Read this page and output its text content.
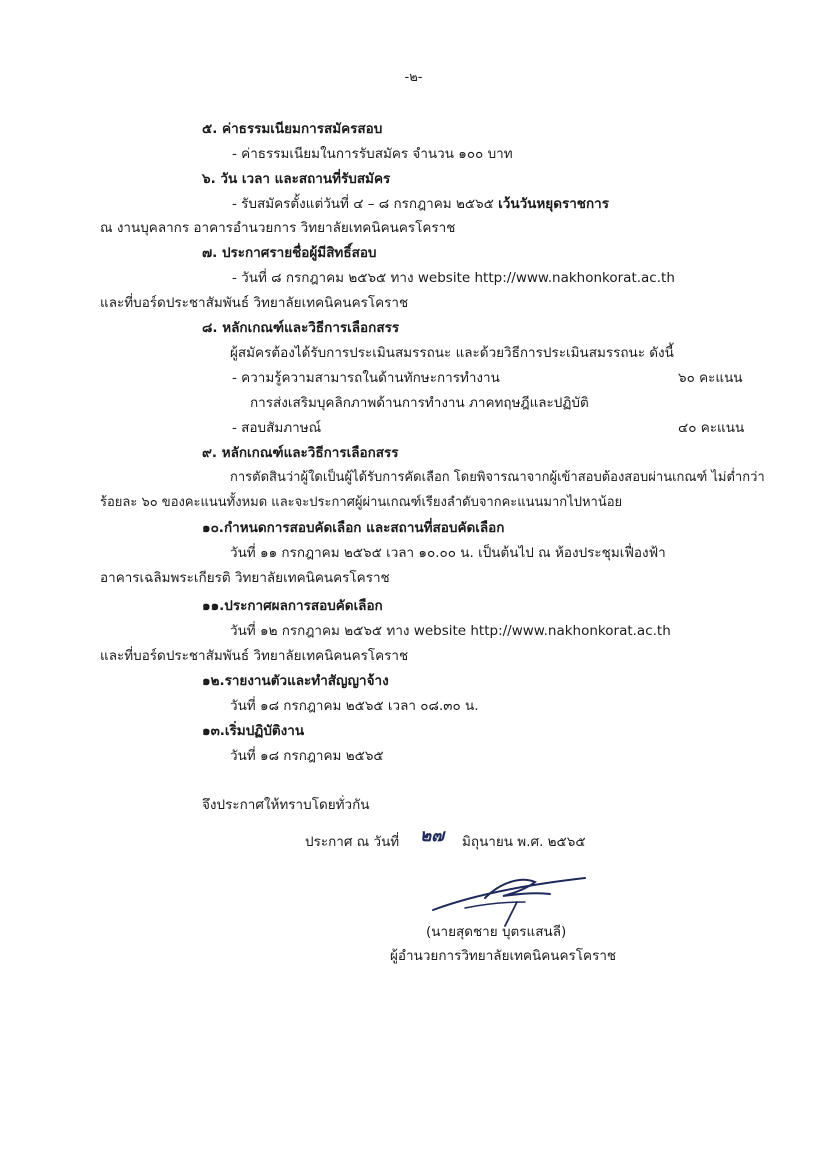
-๒-
๕. ค่าธรรมเนียมการสมัครสอบ
- ค่าธรรมเนียมในการรับสมัคร จำนวน ๑๐๐ บาท
๖. วัน เวลา และสถานที่รับสมัคร
- รับสมัครตั้งแต่วันที่ ๔ – ๘ กรกฎาคม ๒๕๖๕ เว้นวันหยุดราชการ
ณ งานบุคลากร อาคารอำนวยการ วิทยาลัยเทคนิคนครโคราช
๗. ประกาศรายชื่อผู้มีสิทธิ์สอบ
- วันที่ ๘ กรกฎาคม ๒๕๖๕ ทาง website http://www.nakhonkorat.ac.th
และที่บอร์ดประชาสัมพันธ์ วิทยาลัยเทคนิคนครโคราช
๘. หลักเกณฑ์และวิธีการเลือกสรร
ผู้สมัครต้องได้รับการประเมินสมรรถนะ และด้วยวิธีการประเมินสมรรถนะ ดังนี้
- ความรู้ความสามารถในด้านทักษะการทำงาน	๖๐ คะแนน
การส่งเสริมบุคลิกภาพด้านการทำงาน ภาคทฤษฎีและปฏิบัติ
- สอบสัมภาษณ์	๔๐ คะแนน
๙. หลักเกณฑ์และวิธีการเลือกสรร
การตัดสินว่าผู้ใดเป็นผู้ได้รับการคัดเลือก โดยพิจารณาจากผู้เข้าสอบต้องสอบผ่านเกณฑ์ ไม่ต่ำกว่า
ร้อยละ ๖๐ ของคะแนนทั้งหมด และจะประกาศผู้ผ่านเกณฑ์เรียงลำดับจากคะแนนมากไปหาน้อย
๑๐.กำหนดการสอบคัดเลือก และสถานที่สอบคัดเลือก
วันที่ ๑๑ กรกฎาคม ๒๕๖๕ เวลา ๑๐.๐๐ น. เป็นต้นไป ณ ห้องประชุมเฟื่องฟ้า
อาคารเฉลิมพระเกียรติ วิทยาลัยเทคนิคนครโคราช
๑๑.ประกาศผลการสอบคัดเลือก
วันที่ ๑๒ กรกฎาคม ๒๕๖๕ ทาง website http://www.nakhonkorat.ac.th
และที่บอร์ดประชาสัมพันธ์ วิทยาลัยเทคนิคนครโคราช
๑๒.รายงานตัวและทำสัญญาจ้าง
วันที่ ๑๘ กรกฎาคม ๒๕๖๕ เวลา ๐๘.๓๐ น.
๑๓.เริ่มปฏิบัติงาน
วันที่ ๑๘ กรกฎาคม ๒๕๖๕
จึงประกาศให้ทราบโดยทั่วกัน
ประกาศ ณ วันที่ ๒๗ มิถุนายน พ.ศ. ๒๕๖๕
(นายสุดชาย บุตรแสนลี)
ผู้อำนวยการวิทยาลัยเทคนิคนครโคราช
